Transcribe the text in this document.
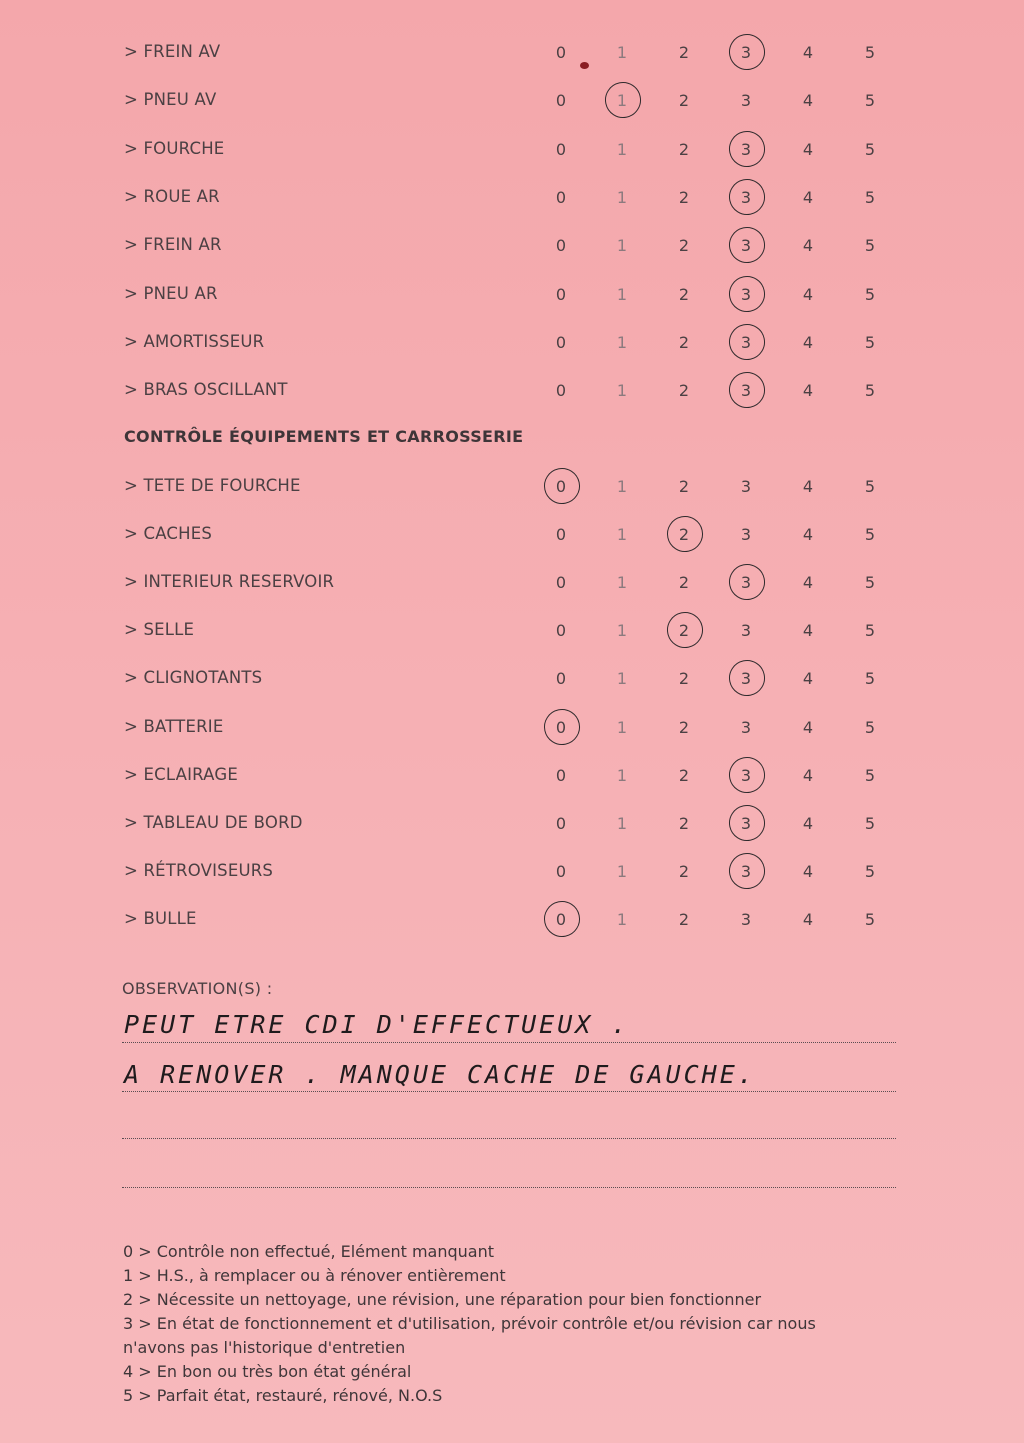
> FREIN AV	0	1	2	3	4	5
> PNEU AV	0	1	2	3	4	5
> FOURCHE	0	1	2	3	4	5
> ROUE AR	0	1	2	3	4	5
> FREIN AR	0	1	2	3	4	5
> PNEU AR	0	1	2	3	4	5
> AMORTISSEUR	0	1	2	3	4	5
> BRAS OSCILLANT	0	1	2	3	4	5
> TETE DE FOURCHE	0	1	2	3	4	5
> CACHES	0	1	2	3	4	5
> INTERIEUR RESERVOIR	0	1	2	3	4	5
> SELLE	0	1	2	3	4	5
> CLIGNOTANTS	0	1	2	3	4	5
> BATTERIE	0	1	2	3	4	5
> ECLAIRAGE	0	1	2	3	4	5
> TABLEAU DE BORD	0	1	2	3	4	5
> RÉTROVISEURS	0	1	2	3	4	5
> BULLE	0	1	2	3	4	5
CONTRÔLE ÉQUIPEMENTS ET CARROSSERIE
OBSERVATION(S) :
PEUT ETRE CDI D'EFFECTUEUX .
A RENOVER . MANQUE CACHE DE GAUCHE.
0 > Contrôle non effectué, Elément manquant
1 > H.S., à remplacer ou à rénover entièrement
2 > Nécessite un nettoyage, une révision, une réparation pour bien fonctionner
3 > En état de fonctionnement et d'utilisation, prévoir contrôle et/ou révision car nous
n'avons pas l'historique d'entretien
4 > En bon ou très bon état général
5 > Parfait état, restauré, rénové, N.O.S
